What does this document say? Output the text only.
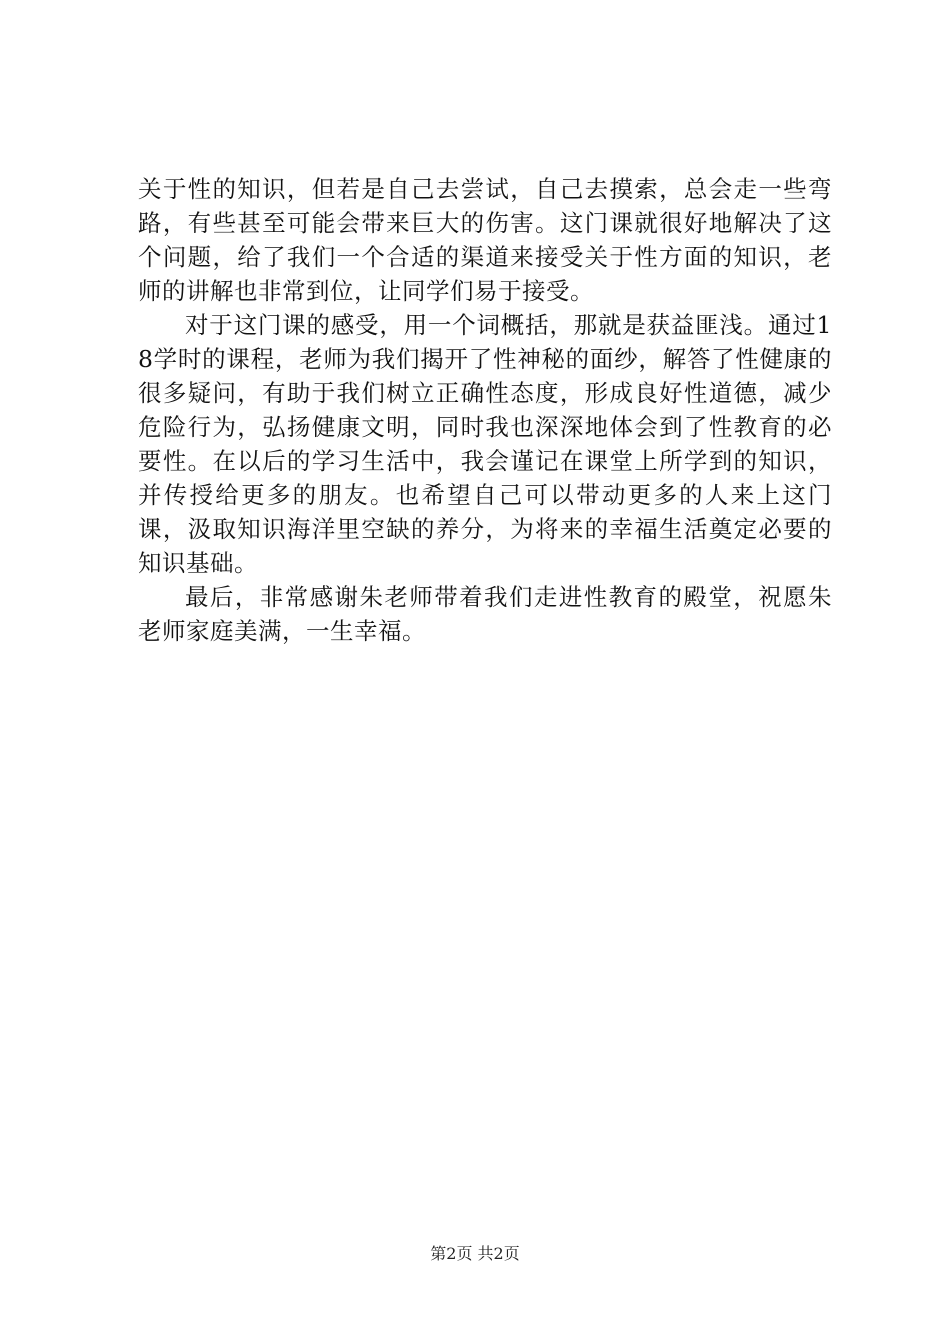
关于性的知识，但若是自己去尝试，自己去摸索，总会走一些弯路，有些甚至可能会带来巨大的伤害。这门课就很好地解决了这个问题，给了我们一个合适的渠道来接受关于性方面的知识，老师的讲解也非常到位，让同学们易于接受。

对于这门课的感受，用一个词概括，那就是获益匪浅。通过18学时的课程，老师为我们揭开了性神秘的面纱，解答了性健康的很多疑问，有助于我们树立正确性态度，形成良好性道德，减少危险行为，弘扬健康文明，同时我也深深地体会到了性教育的必要性。在以后的学习生活中，我会谨记在课堂上所学到的知识，并传授给更多的朋友。也希望自己可以带动更多的人来上这门课，汲取知识海洋里空缺的养分，为将来的幸福生活奠定必要的知识基础。

最后，非常感谢朱老师带着我们走进性教育的殿堂，祝愿朱老师家庭美满，一生幸福。

第2页 共2页
